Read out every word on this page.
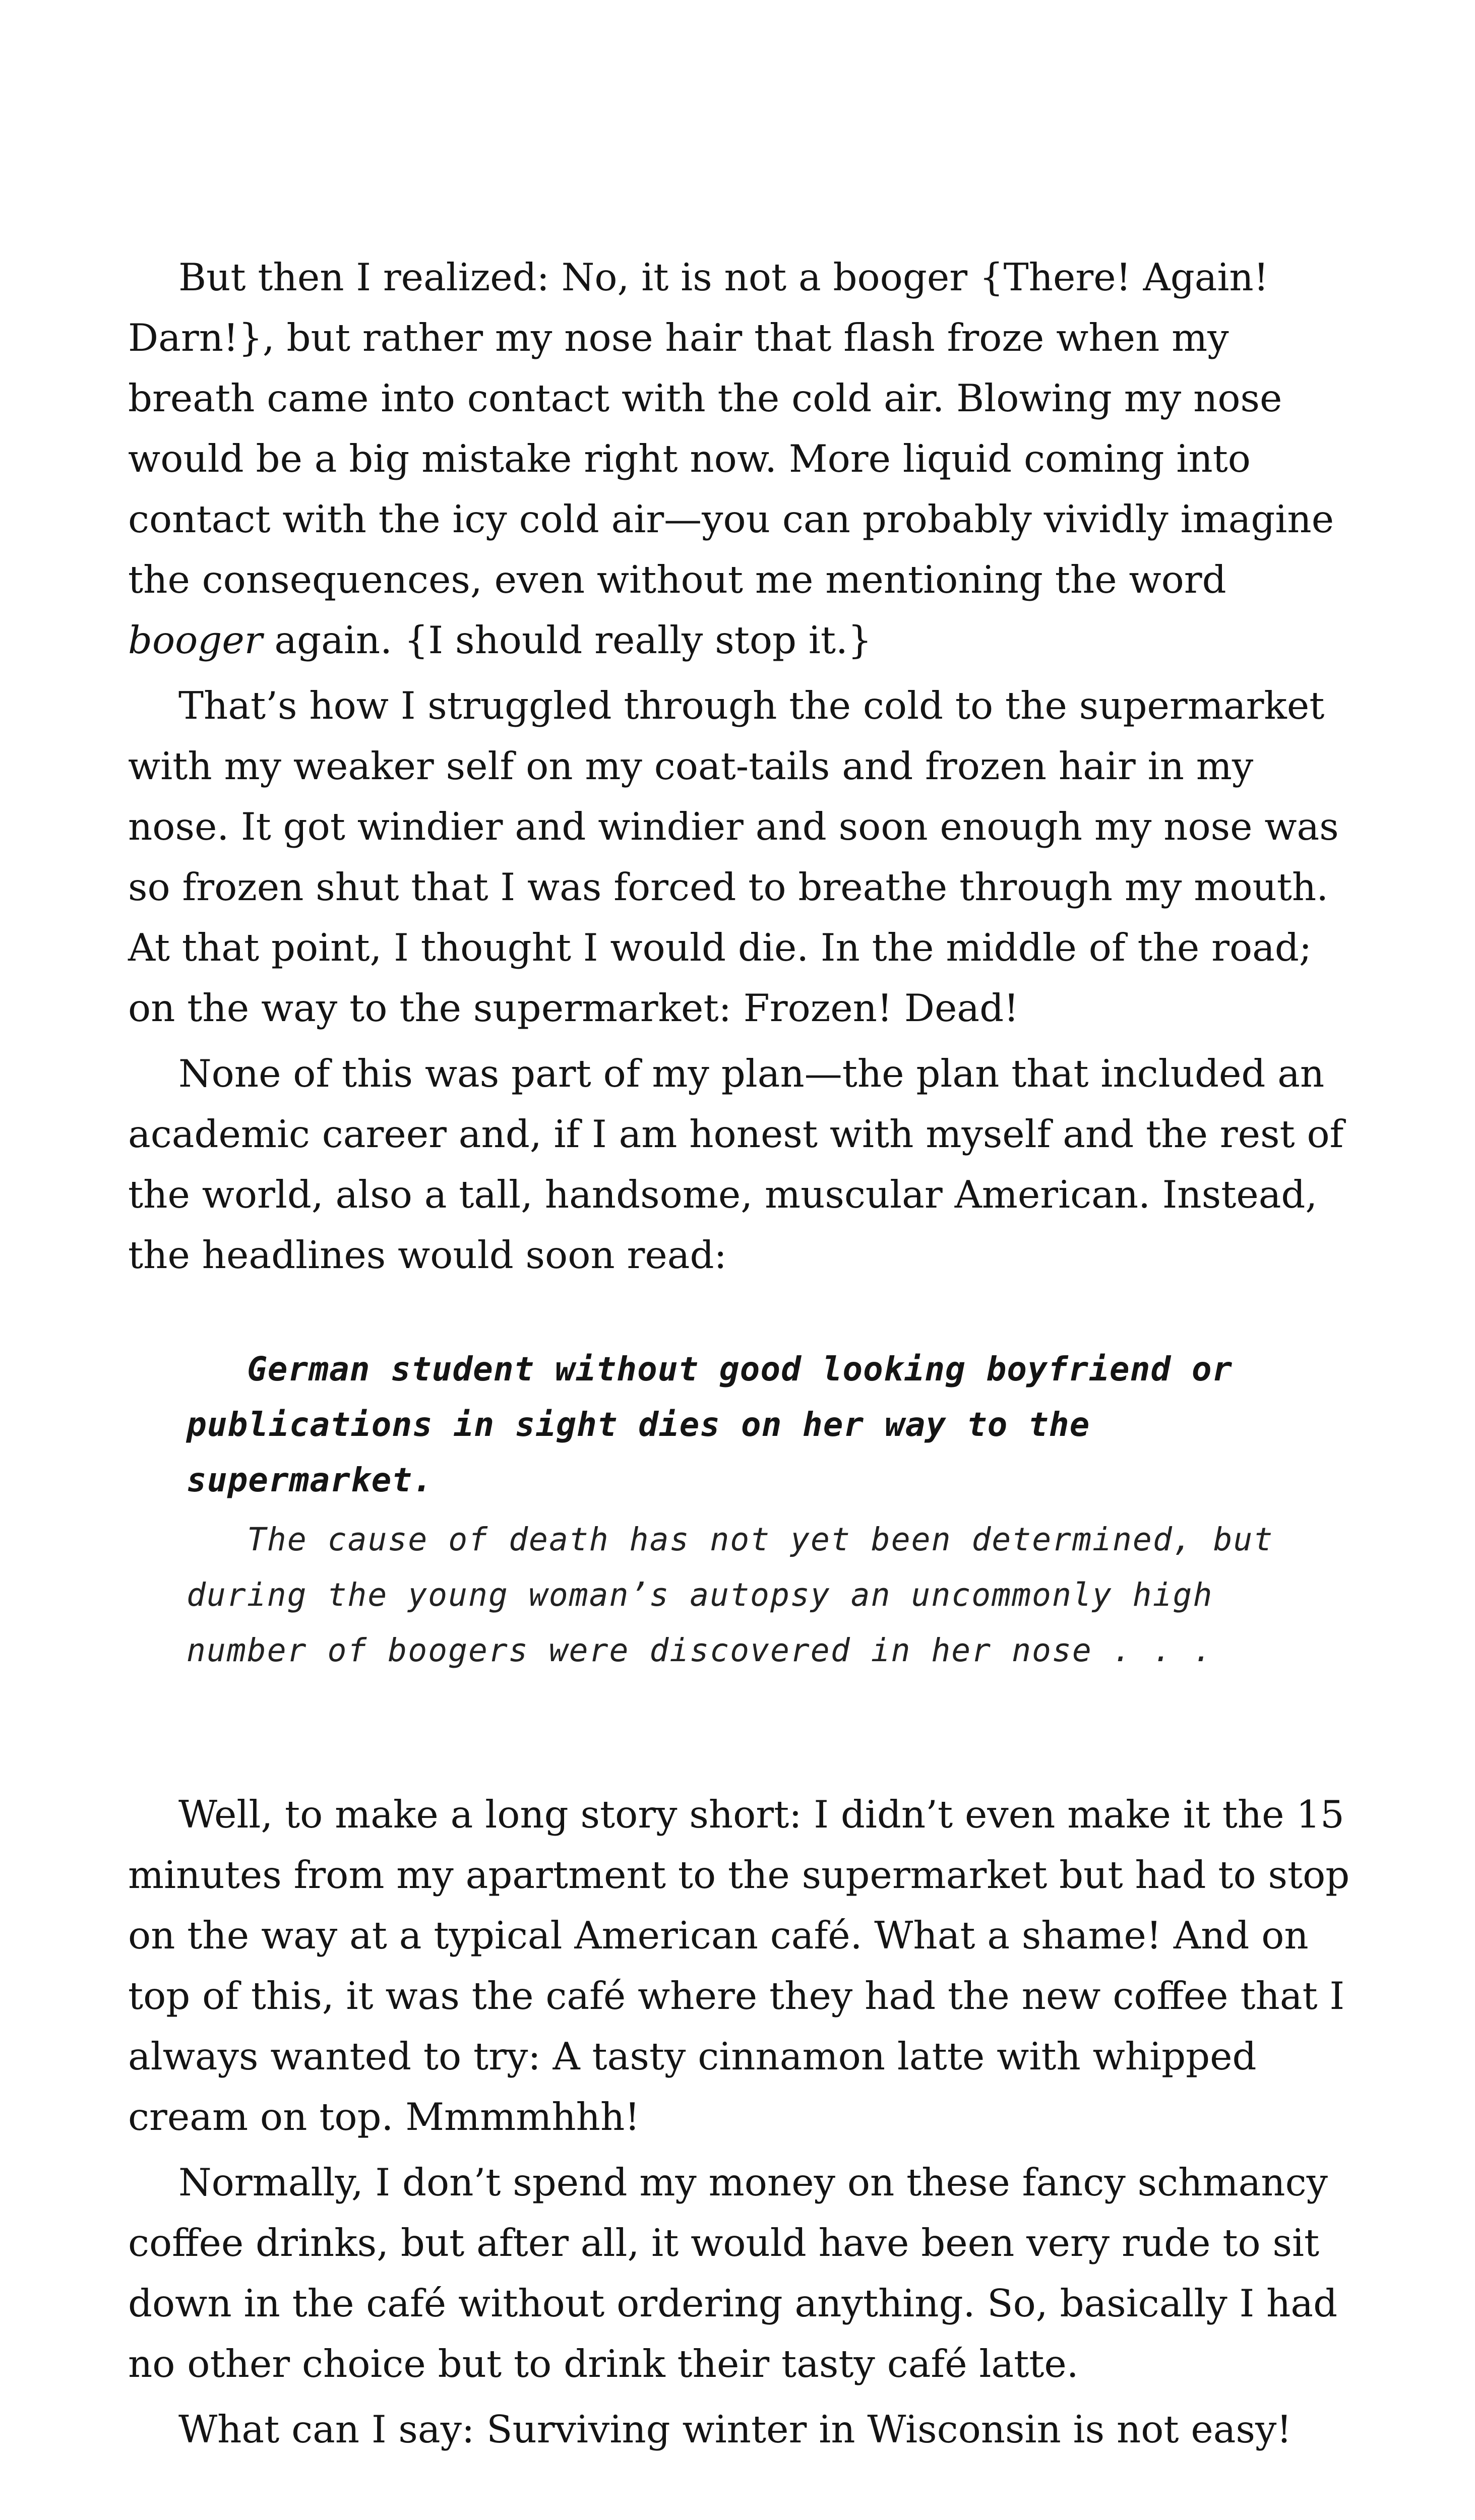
But then I realized: No, it is not a booger {There! Again! Darn!}, but rather my nose hair that flash froze when my breath came into contact with the cold air. Blowing my nose would be a big mistake right now. More liquid coming into contact with the icy cold air—you can probably vividly imagine the consequences, even without me mentioning the word booger again. {I should really stop it.}

That’s how I struggled through the cold to the supermarket with my weaker self on my coat-tails and frozen hair in my nose. It got windier and windier and soon enough my nose was so frozen shut that I was forced to breathe through my mouth. At that point, I thought I would die. In the middle of the road; on the way to the supermarket: Frozen! Dead!

None of this was part of my plan—the plan that included an academic career and, if I am honest with myself and the rest of the world, also a tall, handsome, muscular American. Instead, the headlines would soon read:

German student without good looking boyfriend or publications in sight dies on her way to the supermarket.

The cause of death has not yet been determined, but during the young woman’s autopsy an uncommonly high number of boogers were discovered in her nose . . .

Well, to make a long story short: I didn’t even make it the 15 minutes from my apartment to the supermarket but had to stop on the way at a typical American café. What a shame! And on top of this, it was the café where they had the new coffee that I always wanted to try: A tasty cinnamon latte with whipped cream on top. Mmmmhhh!

Normally, I don’t spend my money on these fancy schmancy coffee drinks, but after all, it would have been very rude to sit down in the café without ordering anything. So, basically I had no other choice but to drink their tasty café latte.

What can I say: Surviving winter in Wisconsin is not easy!
